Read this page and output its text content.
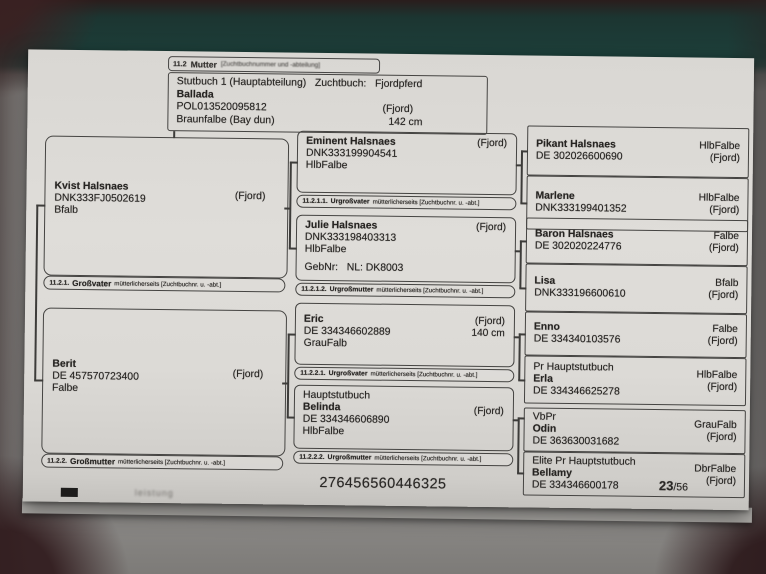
11.2 Mutter [Zuchtbuchnummer und -abteilung]
Stutbuch 1 (Hauptabteilung) Zuchtbuch: Fjordpferd
Ballada
POL013520095812	(Fjord)
Braunfalbe (Bay dun)	142 cm
Kvist Halsnaes
DNK333FJ0502619
Bfalb
(Fjord)
11.2.1. Großvater mütterlicherseits [Zuchtbuchnr. u. -abt.]
Berit
DE 457570723400
Falbe
(Fjord)
11.2.2. Großmutter mütterlicherseits [Zuchtbuchnr. u. -abt.]
Eminent Halsnaes
DNK333199904541
HlbFalbe
(Fjord)
11.2.1.1. Urgroßvater mütterlicherseits [Zuchtbuchnr. u. -abt.]
Julie Halsnaes
DNK333198403313
HlbFalbe
GebNr: NL: DK8003
(Fjord)
11.2.1.2. Urgroßmutter mütterlicherseits [Zuchtbuchnr. u. -abt.]
Eric
DE 334346602889
GrauFalb
(Fjord)
140 cm
11.2.2.1. Urgroßvater mütterlicherseits [Zuchtbuchnr. u. -abt.]
Hauptstutbuch
Belinda
DE 334346606890
HlbFalbe
(Fjord)
11.2.2.2. Urgroßmutter mütterlicherseits [Zuchtbuchnr. u. -abt.]
Pikant Halsnaes
DE 302026600690
HlbFalbe
(Fjord)
Marlene
DNK333199401352
HlbFalbe
(Fjord)
Baron Halsnaes
DE 302020224776
Falbe
(Fjord)
Lisa
DNK333196600610
Bfalb
(Fjord)
Enno
DE 334340103576
Falbe
(Fjord)
Pr Hauptstutbuch
Erla
DE 334346625278
HlbFalbe
(Fjord)
VbPr
Odin
DE 363630031682
GrauFalb
(Fjord)
Elite Pr Hauptstutbuch
Bellamy
DE 334346600178
DbrFalbe
(Fjord)
276456560446325	23/56
leistung
